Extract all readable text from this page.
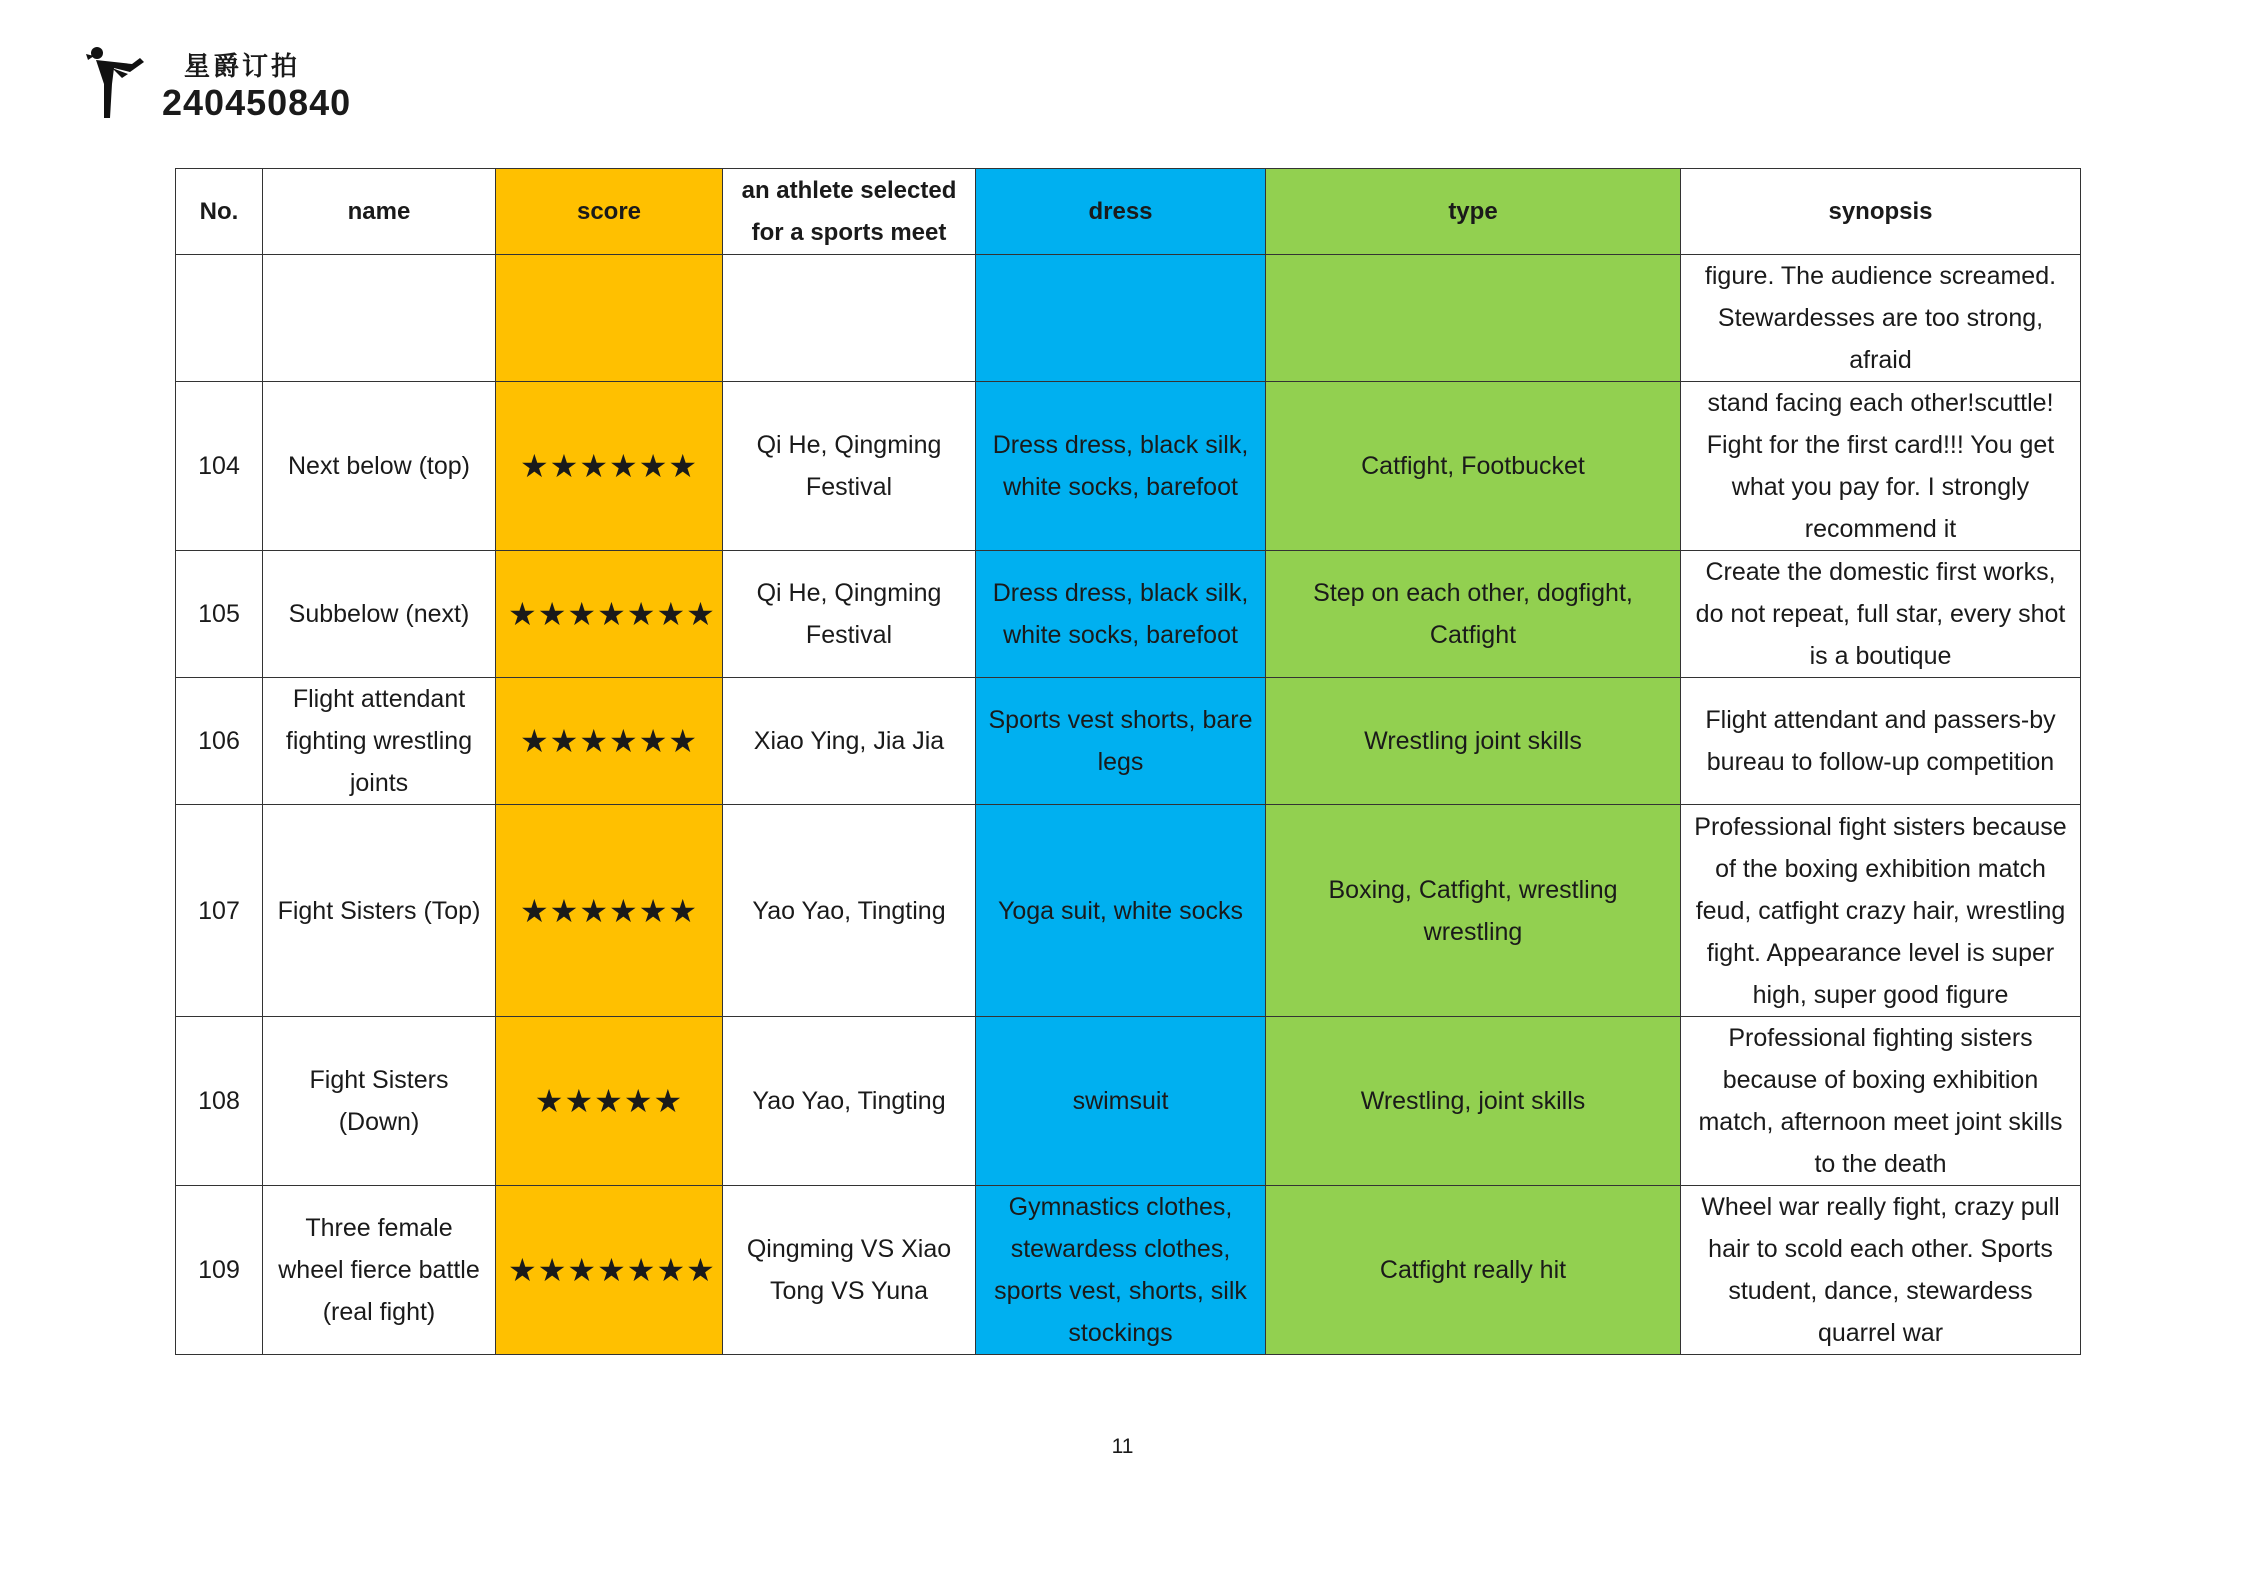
星爵订拍
240450840
No.	name	score	an athlete selected for a sports meet	dress	type	synopsis
						figure. The audience screamed. Stewardesses are too strong, afraid
104	Next below (top)	★★★★★★	Qi He, Qingming Festival	Dress dress, black silk, white socks, barefoot	Catfight, Footbucket	stand facing each other!scuttle! Fight for the first card!!! You get what you pay for. I strongly recommend it
105	Subbelow (next)	★★★★★★★	Qi He, Qingming Festival	Dress dress, black silk, white socks, barefoot	Step on each other, dogfight, Catfight	Create the domestic first works, do not repeat, full star, every shot is a boutique
106	Flight attendant fighting wrestling joints	★★★★★★	Xiao Ying, Jia Jia	Sports vest shorts, bare legs	Wrestling joint skills	Flight attendant and passers-by bureau to follow-up competition
107	Fight Sisters (Top)	★★★★★★	Yao Yao, Tingting	Yoga suit, white socks	Boxing, Catfight, wrestling wrestling	Professional fight sisters because of the boxing exhibition match feud, catfight crazy hair, wrestling fight. Appearance level is super high, super good figure
108	Fight Sisters (Down)	★★★★★	Yao Yao, Tingting	swimsuit	Wrestling, joint skills	Professional fighting sisters because of boxing exhibition match, afternoon meet joint skills to the death
109	Three female wheel fierce battle (real fight)	★★★★★★★	Qingming VS Xiao Tong VS Yuna	Gymnastics clothes, stewardess clothes, sports vest, shorts, silk stockings	Catfight really hit	Wheel war really fight, crazy pull hair to scold each other. Sports student, dance, stewardess quarrel war
11
